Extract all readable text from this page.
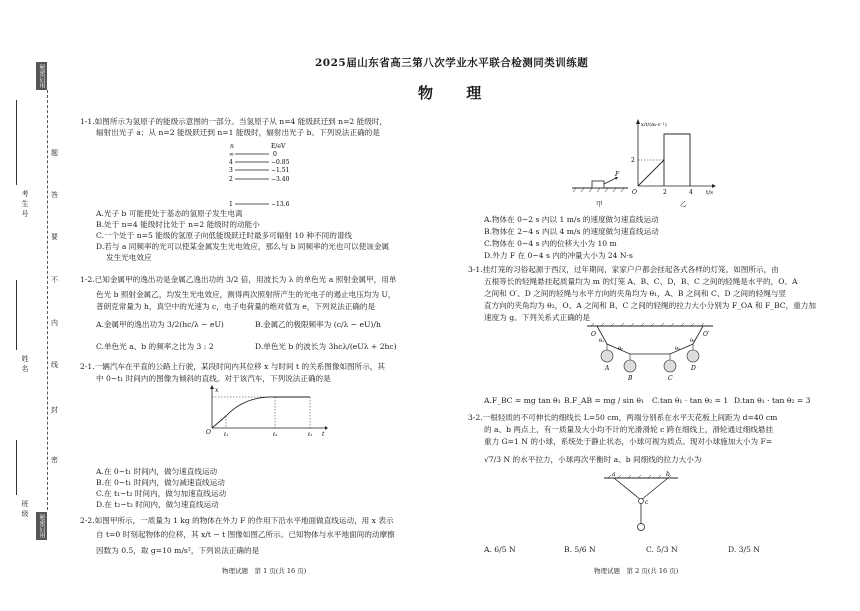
秘密启用
考生号
姓名
班级
秘密启用
密
封
线
内
不
要
答
题
2025届山东省高三第八次学业水平联合检测同类训练题
物 理
1-1.如图所示为氢原子的能级示意图的一部分。当氢原子从 n=4 能级跃迁到 n=2 能级时，
辐射出光子 a；从 n=2 能级跃迁到 n=1 能级时，辐射出光子 b。下列说法正确的是
n	E/eV
∞	0
4	−0.85
3	−1.51
2	−3.40
1	−13.6
A.光子 b 可能使处于基态的氢原子发生电离
B.处于 n=4 能级时比处于 n=2 能级时的动能小
C.一个处于 n=5 能级的氢原子向低能级跃迁时最多可辐射 10 种不同的谱线
D.若与 a 同频率的光可以使某金属发生光电效应，那么与 b 同频率的光也可以使该金属
发生光电效应
1-2.已知金属甲的逸出功是金属乙逸出功的 3/2 倍，用波长为 λ 的单色光 a 照射金属甲，用单
色光 b 照射金属乙，均发生光电效应，测得两次照射所产生的光电子的遏止电压均为 U，
普朗克常量为 h，真空中的光速为 c，电子电荷量的绝对值为 e，下列说法正确的是
A.金属甲的逸出功为 3/2(hc/λ − eU)	B.金属乙的极限频率为 (c/λ − eU)/h
C.单色光 a、b 的频率之比为 3 : 2	D.单色光 b 的波长为 3hcλ/(eUλ + 2hc)
2-1.一辆汽车在平直的公路上行驶，某段时间内其位移 x 与时间 t 的关系图像如图所示，其
中 0~t₁ 时间内的图像为倾斜的直线。对于该汽车，下列说法正确的是
x
O	t
t₁	t₂	t₃
A.在 0~t₁ 时间内，做匀速直线运动
B.在 0~t₁ 时间内，做匀减速直线运动
C.在 t₁~t₂ 时间内，做匀加速直线运动
D.在 t₂~t₃ 时间内，做匀速直线运动
2-2.如图甲所示，一质量为 1 kg 的物体在外力 F 的作用下沿水平地面做直线运动，用 x 表示
自 t=0 时刻起物体的位移，其 x/t − t 图像如图乙所示。已知物体与水平地面间的动摩擦
因数为 0.5，取 g=10 m/s²，下列说法正确的是
物理试题　第 1 页(共 16 页)
F
甲
x/t/(m·s⁻¹)
t/s
O
2
2	4
乙
A.物体在 0~2 s 内以 1 m/s 的速度做匀速直线运动
B.物体在 2~4 s 内以 4 m/s 的速度做匀速直线运动
C.物体在 0~4 s 内的位移大小为 10 m
D.外力 F 在 0~4 s 内的冲量大小为 24 N·s
3-1.挂灯笼的习俗起源于西汉，过年期间，家家户户都会挂起各式各样的灯笼。如图所示，由
五根等长的轻绳悬挂起质量均为 m 的灯笼 A、B、C、D，B、C 之间的轻绳是水平的，O、A
之间和 O′、D 之间的轻绳与水平方向的夹角均为 θ₁，A、B 之间和 C、D 之间的轻绳与竖
直方向的夹角均为 θ₂，O、A 之间和 B、C 之间的轻绳的拉力大小分别为 F_OA 和 F_BC，重力加
速度为 g。下列关系式正确的是
O	O′
θ₁	θ₁
θ₂	θ₂
A
B	C
D
A.F_BC = mg tan θ₁ B.F_AB = mg / sin θ₁ C.tan θ₁ · tan θ₂ = 1 D.tan θ₁ · tan θ₂ = 3
3-2.一根轻质的不可伸长的细线长 L=50 cm，两端分别系在水平天花板上间距为 d=40 cm
的 a、b 两点上，有一质量及大小均不计的光滑滑轮 c 跨在细线上，滑轮通过细线悬挂
重力 G=1 N 的小球，系统处于静止状态，小球可视为质点。现对小球施加大小为 F=
√7/3 N 的水平拉力，小球再次平衡时 a、b 间细线的拉力大小为
a	b
c
A. 6/5 N	B. 5/6 N	C. 5/3 N	D. 3/5 N
物理试题　第 2 页(共 16 页)
